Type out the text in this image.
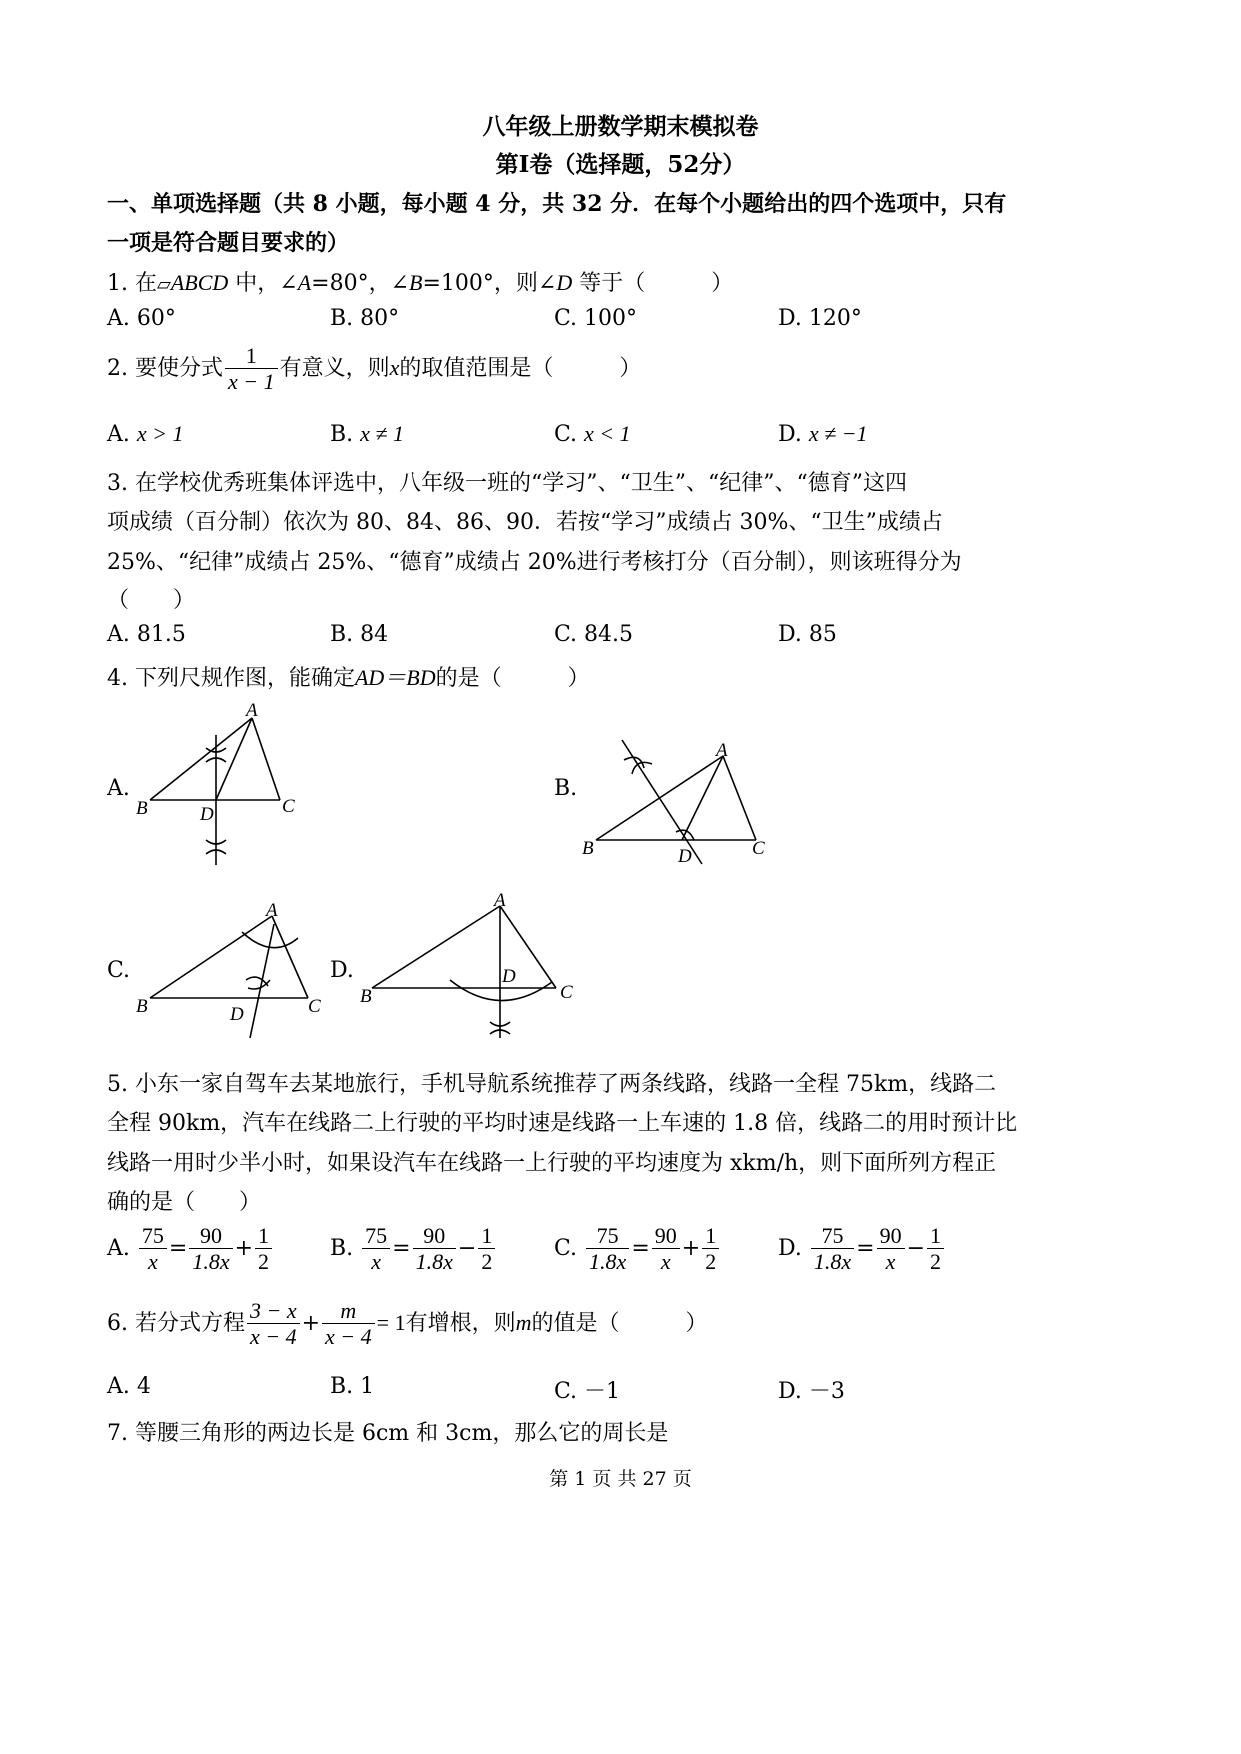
八年级上册数学期末模拟卷
第Ⅰ卷（选择题，52分）
一、单项选择题（共 8 小题，每小题 4 分，共 32 分．在每个小题给出的四个选项中，只有
一项是符合题目要求的）
1. 在▱ABCD 中，∠A=80°，∠B=100°，则∠D 等于（　　　）
A. 60°	B. 80°	C. 100°	D. 120°
2. 要使分式 $\frac{1}{x - 1}$ 有意义，则x的取值范围是（　　　）
A. x > 1	B. x ≠ 1	C. x < 1	D. x ≠ −1
3. 在学校优秀班集体评选中，八年级一班的“学习”、“卫生”、“纪律”、“德育”这四
项成绩（百分制）依次为 80、84、86、90．若按“学习”成绩占 30%、“卫生”成绩占
25%、“纪律”成绩占 25%、“德育”成绩占 20%进行考核打分（百分制），则该班得分为
（　　）
A. 81.5	B. 84	C. 84.5	D. 85
4. 下列尺规作图，能确定AD＝BD的是（　　　）
A.	B.
C.	D.
A
B	C
D
A
B	C
D
A
B	C
D
A
B	C
D
5. 小东一家自驾车去某地旅行，手机导航系统推荐了两条线路，线路一全程 75km，线路二
全程 90km，汽车在线路二上行驶的平均时速是线路一上车速的 1.8 倍，线路二的用时预计比
线路一用时少半小时，如果设汽车在线路一上行驶的平均速度为 xkm/h，则下面所列方程正
确的是（　　）
A. $\frac{75}{x} = \frac{90}{1.8x} + \frac{1}{2}$	B. $\frac{75}{x} = \frac{90}{1.8x} - \frac{1}{2}$	C. $\frac{75}{1.8x} = \frac{90}{x} + \frac{1}{2}$	D. $\frac{75}{1.8x} = \frac{90}{x} - \frac{1}{2}$
6. 若分式方程 $\frac{3 - x}{x - 4} + \frac{m}{x - 4} = 1$有增根，则m的值是（　　　）
A. 4	B. 1	C. －1	D. －3
7. 等腰三角形的两边长是 6cm 和 3cm，那么它的周长是
第 1 页 共 27 页
